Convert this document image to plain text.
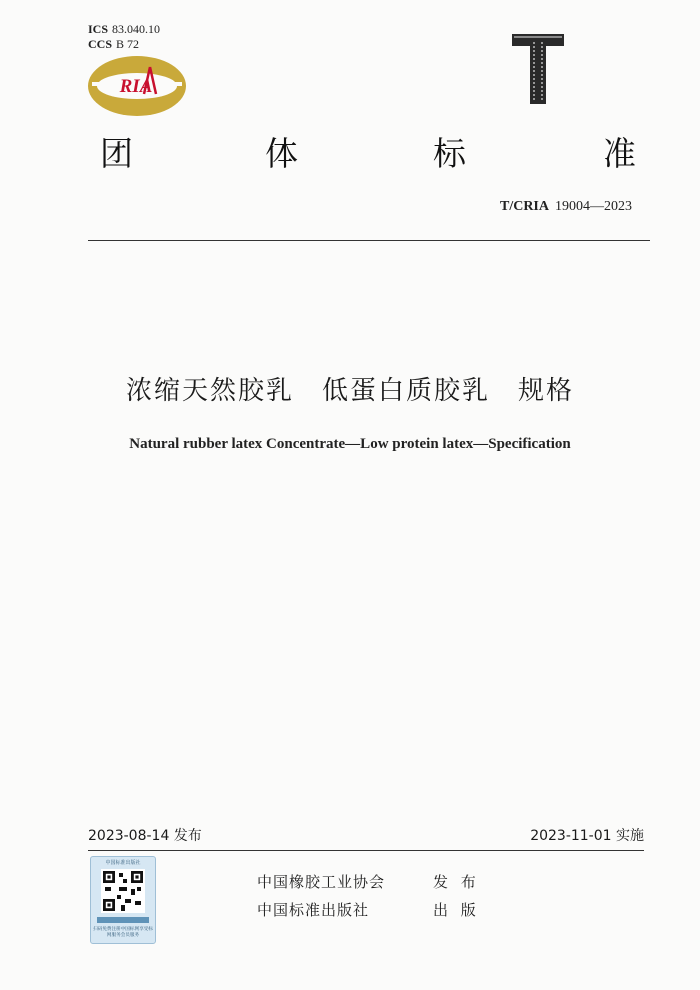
ICS 83.040.10
CCS B 72
RIA	T
团	体	标	准
T/CRIA 19004—2023
浓缩天然胶乳　低蛋白质胶乳　规格
Natural rubber latex Concentrate—Low protein latex—Specification
2023-08-14 发布	2023-11-01 实施
中国标准出版社
扫码免费注册中国标网享受标网服务会员服务
中国橡胶工业协会	发 布
中国标准出版社	出 版
